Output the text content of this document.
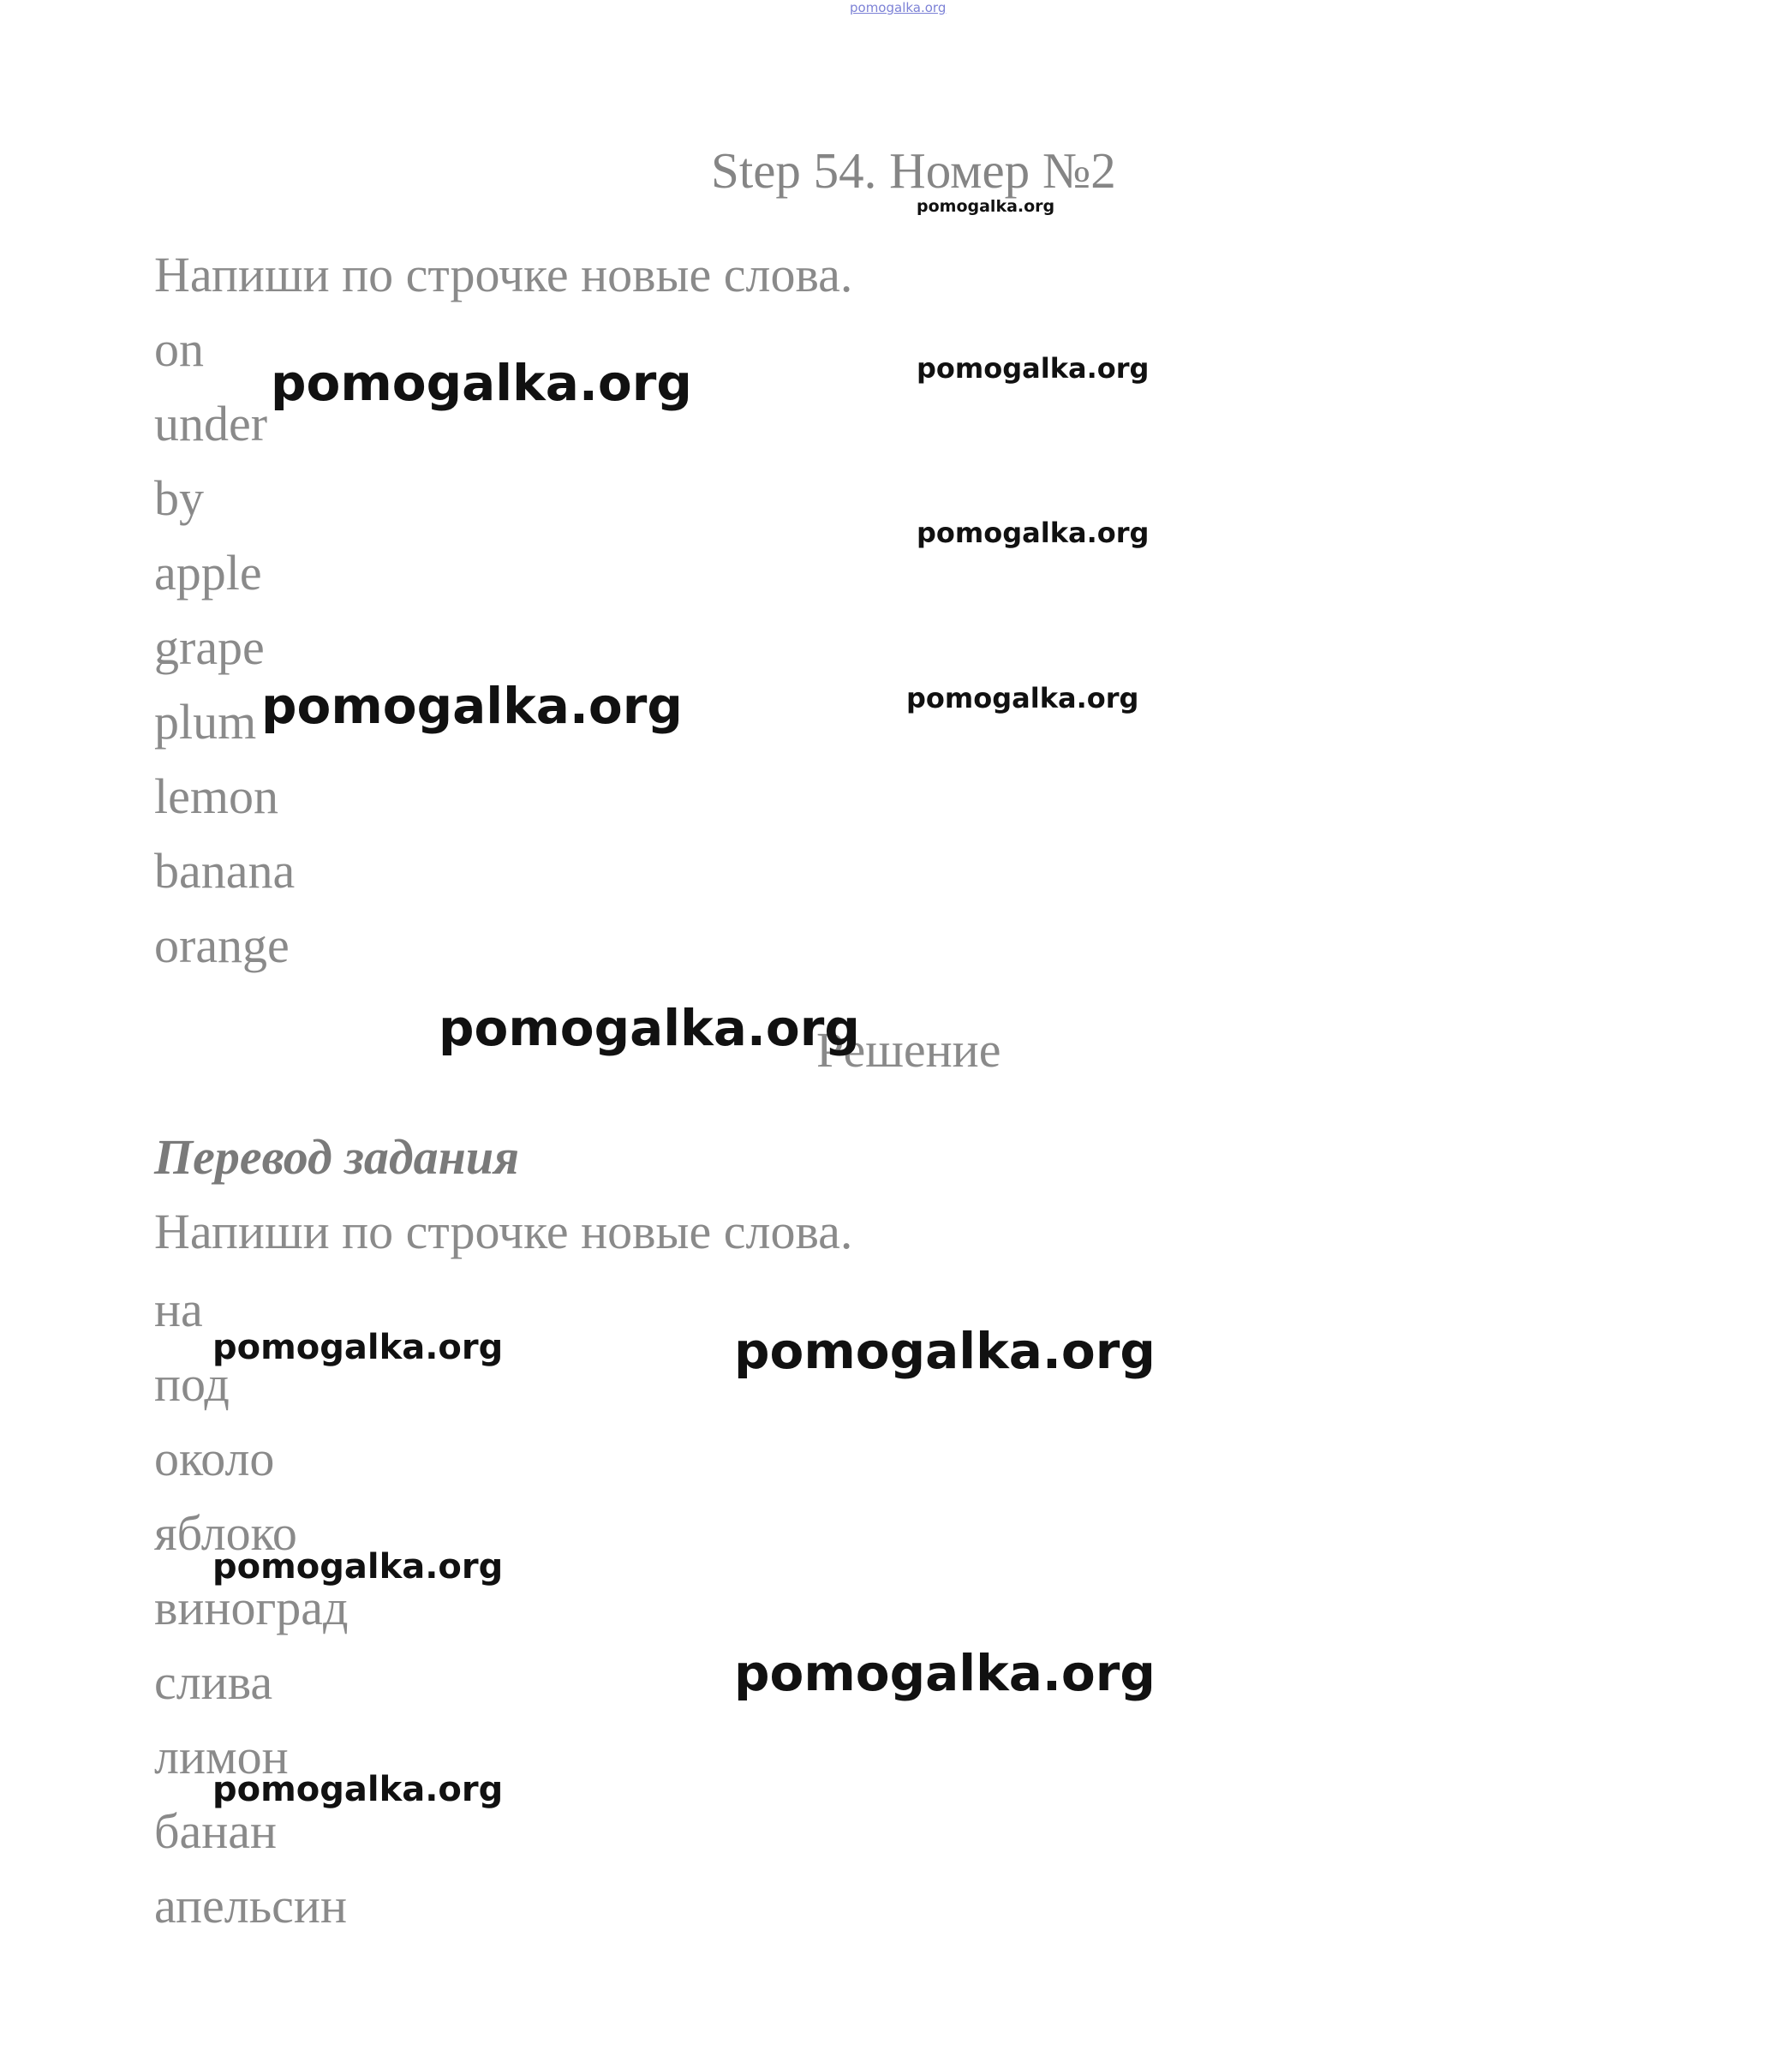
pomogalka.org
Step 54. Номер №2
Напиши по строчке новые слова.
on
under
by
apple
grape
plum
lemon
banana
orange
Решение
Перевод задания
Напиши по строчке новые слова.
на
под
около
яблоко
виноград
слива
лимон
банан
апельсин
pomogalka.org
pomogalka.org
pomogalka.org
pomogalka.org
pomogalka.org
pomogalka.org
pomogalka.org
pomogalka.org	pomogalka.org
pomogalka.org
pomogalka.org
pomogalka.org
